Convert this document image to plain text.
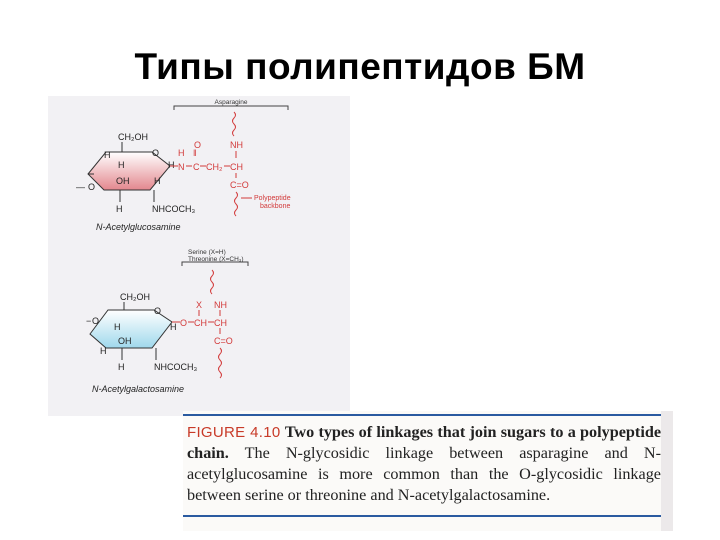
Типы полипептидов БМ
Asparagine
CH₂OH
O
H
H
OH
H
H
— O
H	NHCOCH₃
N-Acetylglucosamine
O
‖
H
N C CH₂
NH
CH
C=O
Polypeptide
backbone
Serine (X=H)
Threonine (X=CH₃)
CH₂OH
O
− O
H
OH
H
H
H	NHCOCH₃
N-Acetylgalactosamine
O
X
CH
NH
CH
C=O
FIGURE 4.10 Two types of linkages that join sugars to a polypeptide chain. The N-glycosidic linkage between asparagine and N-acetylglucosamine is more common than the O-glycosidic linkage between serine or threonine and N-acetylgalactosamine.
